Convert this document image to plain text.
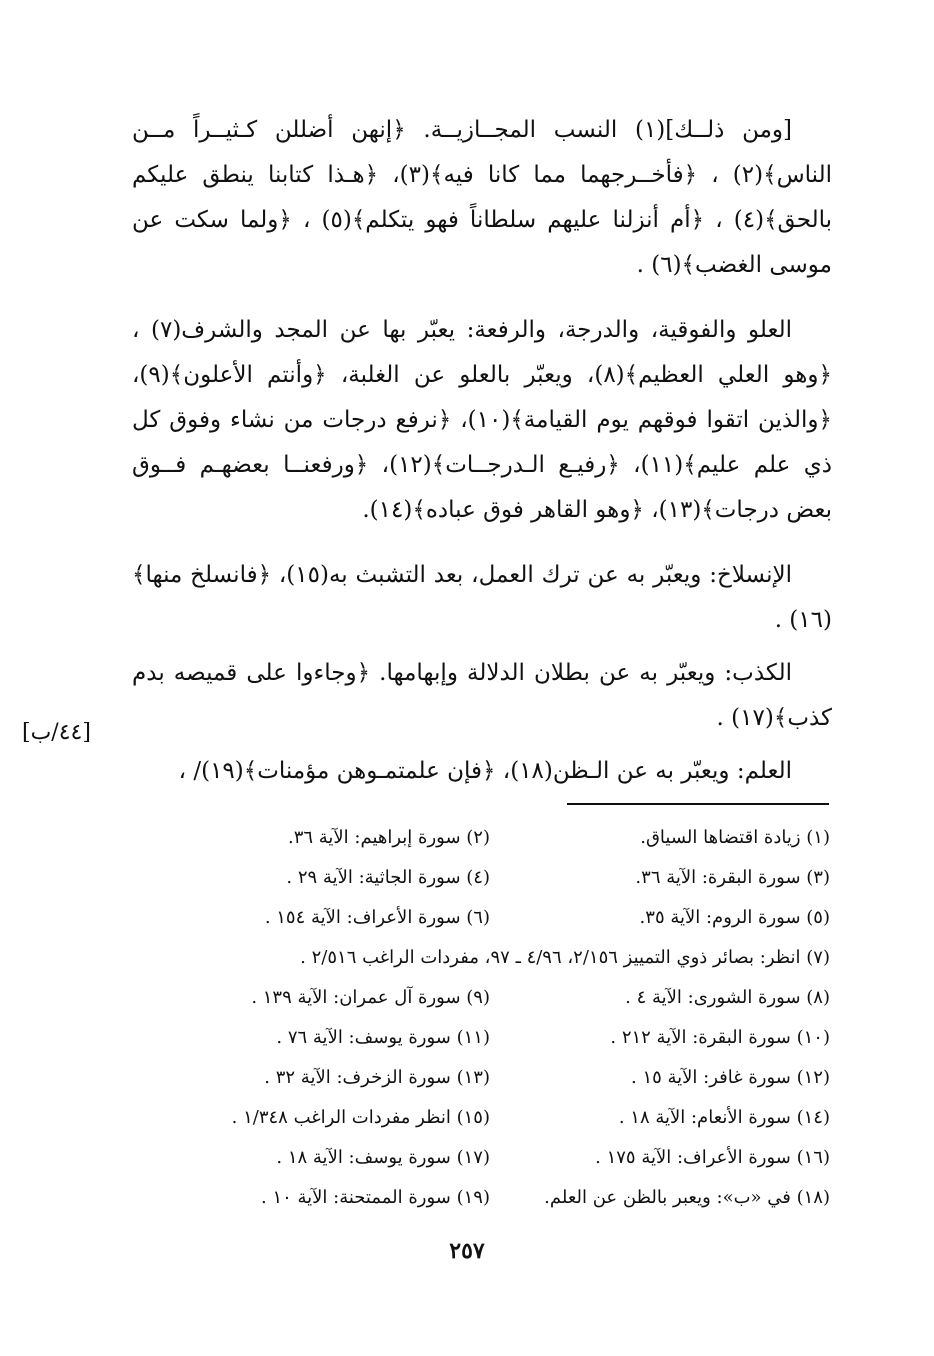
[ومن ذلــك](١) النسب المجــازيــة. ﴿إنهن أضللن كـثيــراً مــن الناس﴾(٢) ، ﴿فأخــرجهما مما كانا فيه﴾(٣)، ﴿هـذا كتابنا ينطق عليكم بالحق﴾(٤) ، ﴿أم أنزلنا عليهم سلطاناً فهو يتكلم﴾(٥) ، ﴿ولما سكت عن موسى الغضب﴾(٦) .

العلو والفوقية، والدرجة، والرفعة: يعبّر بها عن المجد والشرف(٧) ، ﴿وهو العلي العظيم﴾(٨)، ويعبّر بالعلو عن الغلبة، ﴿وأنتم الأعلون﴾(٩)، ﴿والذين اتقوا فوقهم يوم القيامة﴾(١٠)، ﴿نرفع درجات من نشاء وفوق كل ذي علم عليم﴾(١١)، ﴿رفيـع الـدرجــات﴾(١٢)، ﴿ورفعنــا بعضهـم فــوق بعض درجات﴾(١٣)، ﴿وهو القاهر فوق عباده﴾(١٤).

الإنسلاخ: ويعبّر به عن ترك العمل، بعد التشبث به(١٥)، ﴿فانسلخ منها﴾(١٦) .

الكذب: ويعبّر به عن بطلان الدلالة وإبهامها. ﴿وجاءوا على قميصه بدم كذب﴾(١٧) .

العلم: ويعبّر به عن الـظن(١٨)، ﴿فإن علمتمـوهن مؤمنات﴾(١٩)/ ،

[٤٤/ب]
(١) زيادة اقتضاها السياق.
(٢) سورة إبراهيم: الآية ٣٦.
(٣) سورة البقرة: الآية ٣٦.
(٤) سورة الجاثية: الآية ٢٩ .
(٥) سورة الروم: الآية ٣٥.
(٦) سورة الأعراف: الآية ١٥٤ .
(٧) انظر: بصائر ذوي التمييز ٢/١٥٦، ٤/٩٦ ـ ٩٧، مفردات الراغب ٢/٥١٦ .
(٨) سورة الشورى: الآية ٤ .
(٩) سورة آل عمران: الآية ١٣٩ .
(١٠) سورة البقرة: الآية ٢١٢ .
(١١) سورة يوسف: الآية ٧٦ .
(١٢) سورة غافر: الآية ١٥ .
(١٣) سورة الزخرف: الآية ٣٢ .
(١٤) سورة الأنعام: الآية ١٨ .
(١٥) انظر مفردات الراغب ١/٣٤٨ .
(١٦) سورة الأعراف: الآية ١٧٥ .
(١٧) سورة يوسف: الآية ١٨ .
(١٨) في «ب»: ويعبر بالظن عن العلم.
(١٩) سورة الممتحنة: الآية ١٠ .
٢٥٧
